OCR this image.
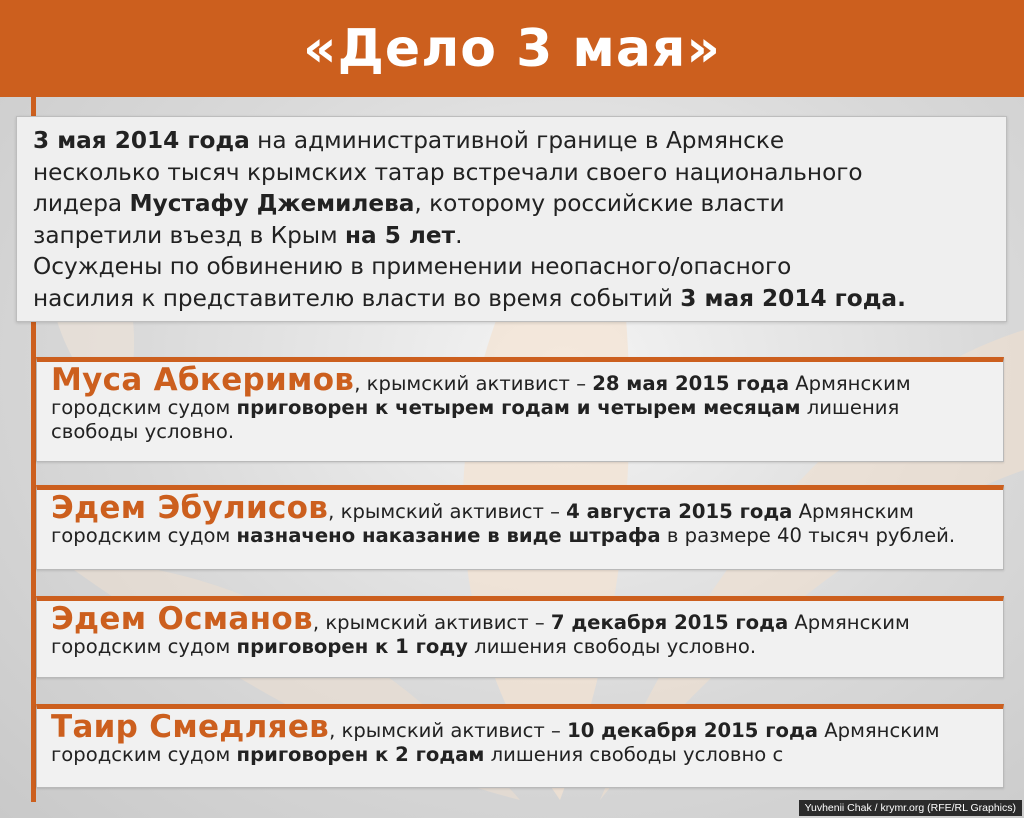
«Дело 3 мая»

3 мая 2014 года на административной границе в Армянске

несколько тысяч крымских татар встречали своего национального

лидера Мустафу Джемилева, которому российские власти

запретили въезд в Крым на 5 лет.

Осуждены по обвинению в применении неопасного/опасного

насилия к представителю власти во время событий 3 мая 2014 года.

Муса Абкеримов, крымский активист – 28 мая 2015 года Армянским

городским судом приговорен к четырем годам и четырем месяцам лишения

свободы условно.

Эдем Эбулисов, крымский активист – 4 августа 2015 года Армянским

городским судом назначено наказание в виде штрафа в размере 40 тысяч рублей.

Эдем Османов, крымский активист – 7 декабря 2015 года Армянским

городским судом приговорен к 1 году лишения свободы условно.

Таир Смедляев, крымский активист – 10 декабря 2015 года Армянским

городским судом приговорен к 2 годам лишения свободы условно с

Yuvhenii Chak / krymr.org (RFE/RL Graphics)
